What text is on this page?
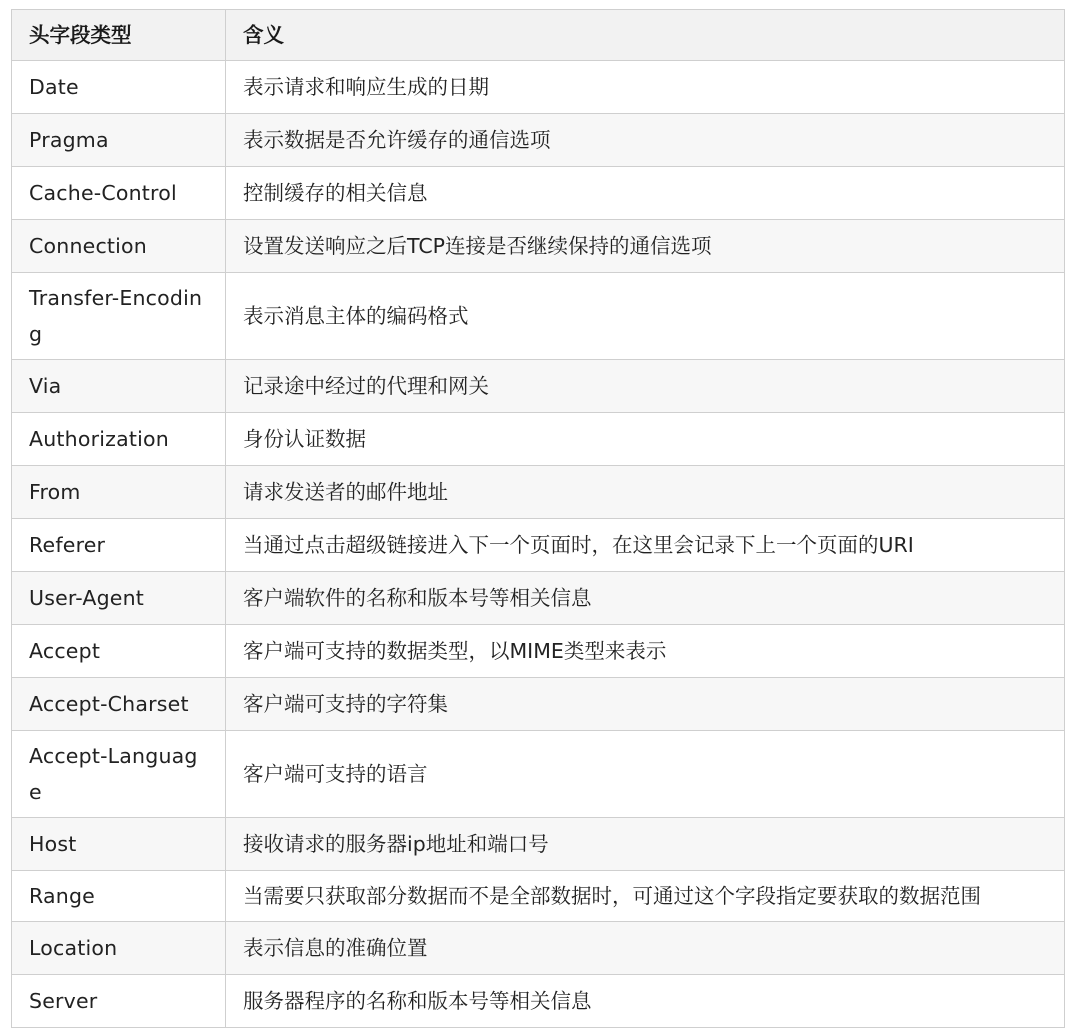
头字段类型	含义
Date	表示请求和响应生成的日期
Pragma	表示数据是否允许缓存的通信选项
Cache-Control	控制缓存的相关信息
Connection	设置发送响应之后TCP连接是否继续保持的通信选项
Transfer-Encoding	表示消息主体的编码格式
Via	记录途中经过的代理和网关
Authorization	身份认证数据
From	请求发送者的邮件地址
Referer	当通过点击超级链接进入下一个页面时，在这里会记录下上一个页面的URI
User-Agent	客户端软件的名称和版本号等相关信息
Accept	客户端可支持的数据类型，以MIME类型来表示
Accept-Charset	客户端可支持的字符集
Accept-Language	客户端可支持的语言
Host	接收请求的服务器ip地址和端口号
Range	当需要只获取部分数据而不是全部数据时，可通过这个字段指定要获取的数据范围
Location	表示信息的准确位置
Server	服务器程序的名称和版本号等相关信息
